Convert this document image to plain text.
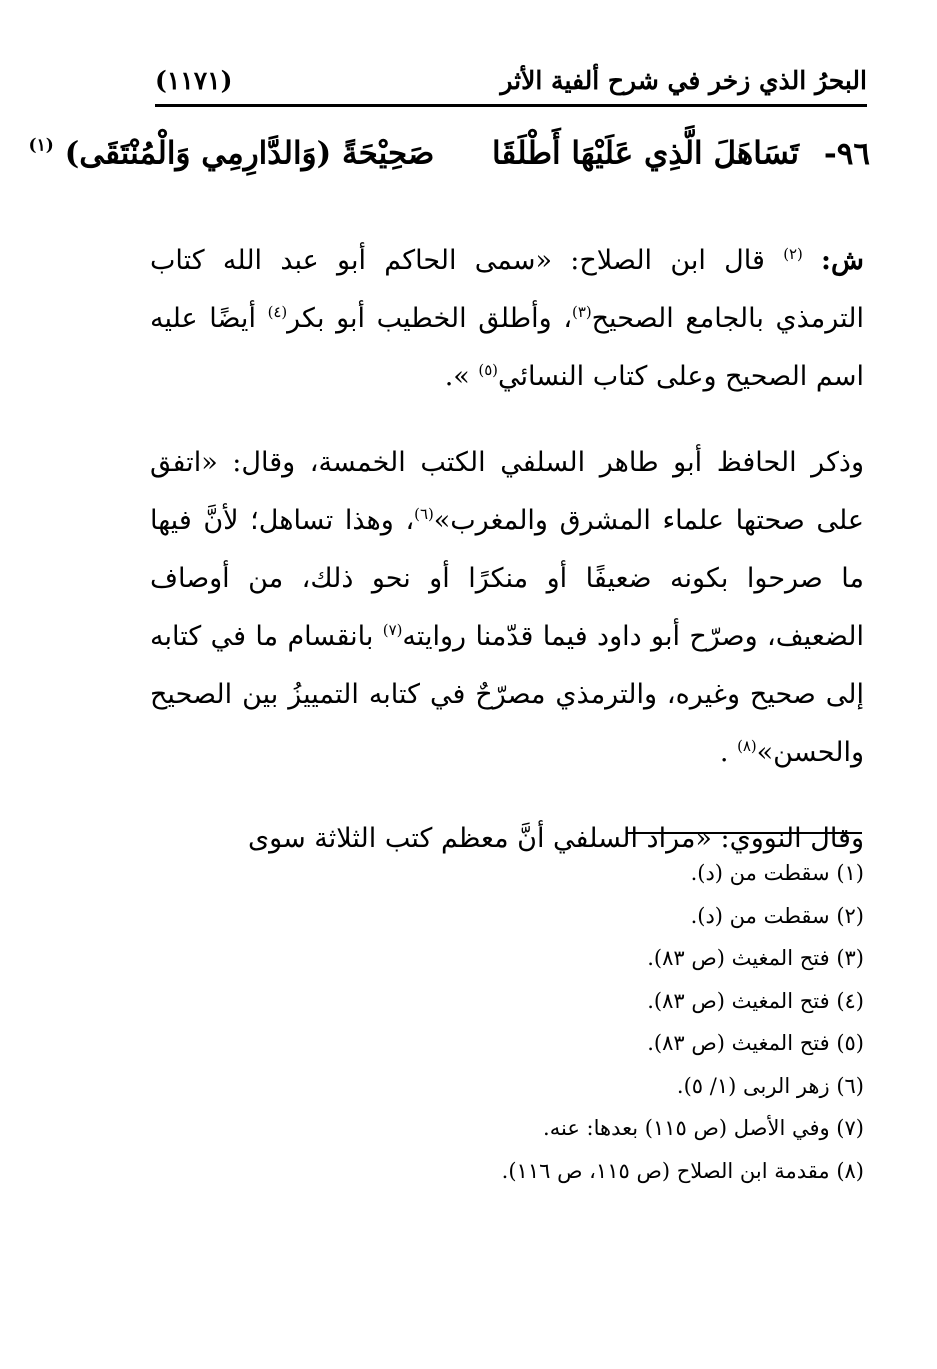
البحرُ الذي زخر في شرح ألفية الأثر
(١١٧١)
٩٦- تَسَاهَلَ الَّذِي عَلَيْهَا أَطْلَقَا  صَحِيْحَةً (وَالدَّارِمِي وَالْمُنْتَقَى) $^{(١)}$

ش: $^{(٢)}$ قال ابن الصلاح: «سمى الحاكم أبو عبد الله كتاب الترمذي بالجامع الصحيح$^{(٣)}$، وأطلق الخطيب أبو بكر$^{(٤)}$ أيضًا عليه اسم الصحيح وعلى كتاب النسائي$^{(٥)}$ ».

وذكر الحافظ أبو طاهر السلفي الكتب الخمسة، وقال: «اتفق على صحتها علماء المشرق والمغرب»$^{(٦)}$، وهذا تساهل؛ لأنَّ فيها ما صرحوا بكونه ضعيفًا أو منكرًا أو نحو ذلك، من أوصاف الضعيف، وصرّح أبو داود فيما قدّمنا روايته$^{(٧)}$ بانقسام ما في كتابه إلى صحيح وغيره، والترمذي مصرّحٌ في كتابه التمييزُ بين الصحيح والحسن»$^{(٨)}$ .

وقال النووي: «مراد السلفي أنَّ معظم كتب الثلاثة سوى

(١) سقطت من (د).
(٢) سقطت من (د).
(٣) فتح المغيث (ص ٨٣).
(٤) فتح المغيث (ص ٨٣).
(٥) فتح المغيث (ص ٨٣).
(٦) زهر الربى (١/ ٥).
(٧) وفي الأصل (ص ١١٥) بعدها: عنه.
(٨) مقدمة ابن الصلاح (ص ١١٥، ص ١١٦).
